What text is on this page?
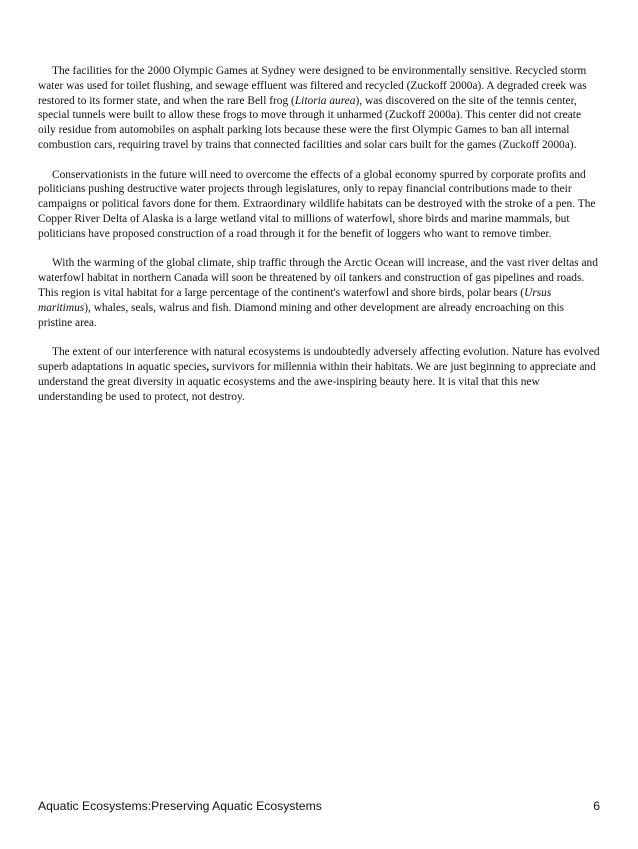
The facilities for the 2000 Olympic Games at Sydney were designed to be environmentally sensitive. Recycled storm water was used for toilet flushing, and sewage effluent was filtered and recycled (Zuckoff 2000a). A degraded creek was restored to its former state, and when the rare Bell frog (Litoria aurea), was discovered on the site of the tennis center, special tunnels were built to allow these frogs to move through it unharmed (Zuckoff 2000a). This center did not create oily residue from automobiles on asphalt parking lots because these were the first Olympic Games to ban all internal combustion cars, requiring travel by trains that connected facilities and solar cars built for the games (Zuckoff 2000a).

Conservationists in the future will need to overcome the effects of a global economy spurred by corporate profits and politicians pushing destructive water projects through legislatures, only to repay financial contributions made to their campaigns or political favors done for them. Extraordinary wildlife habitats can be destroyed with the stroke of a pen. The Copper River Delta of Alaska is a large wetland vital to millions of waterfowl, shore birds and marine mammals, but politicians have proposed construction of a road through it for the benefit of loggers who want to remove timber.

With the warming of the global climate, ship traffic through the Arctic Ocean will increase, and the vast river deltas and waterfowl habitat in northern Canada will soon be threatened by oil tankers and construction of gas pipelines and roads. This region is vital habitat for a large percentage of the continent's waterfowl and shore birds, polar bears (Ursus maritimus), whales, seals, walrus and fish. Diamond mining and other development are already encroaching on this pristine area.

The extent of our interference with natural ecosystems is undoubtedly adversely affecting evolution. Nature has evolved superb adaptations in aquatic species, survivors for millennia within their habitats. We are just beginning to appreciate and understand the great diversity in aquatic ecosystems and the awe-inspiring beauty here. It is vital that this new understanding be used to protect, not destroy.

Aquatic Ecosystems:Preserving Aquatic Ecosystems	6
